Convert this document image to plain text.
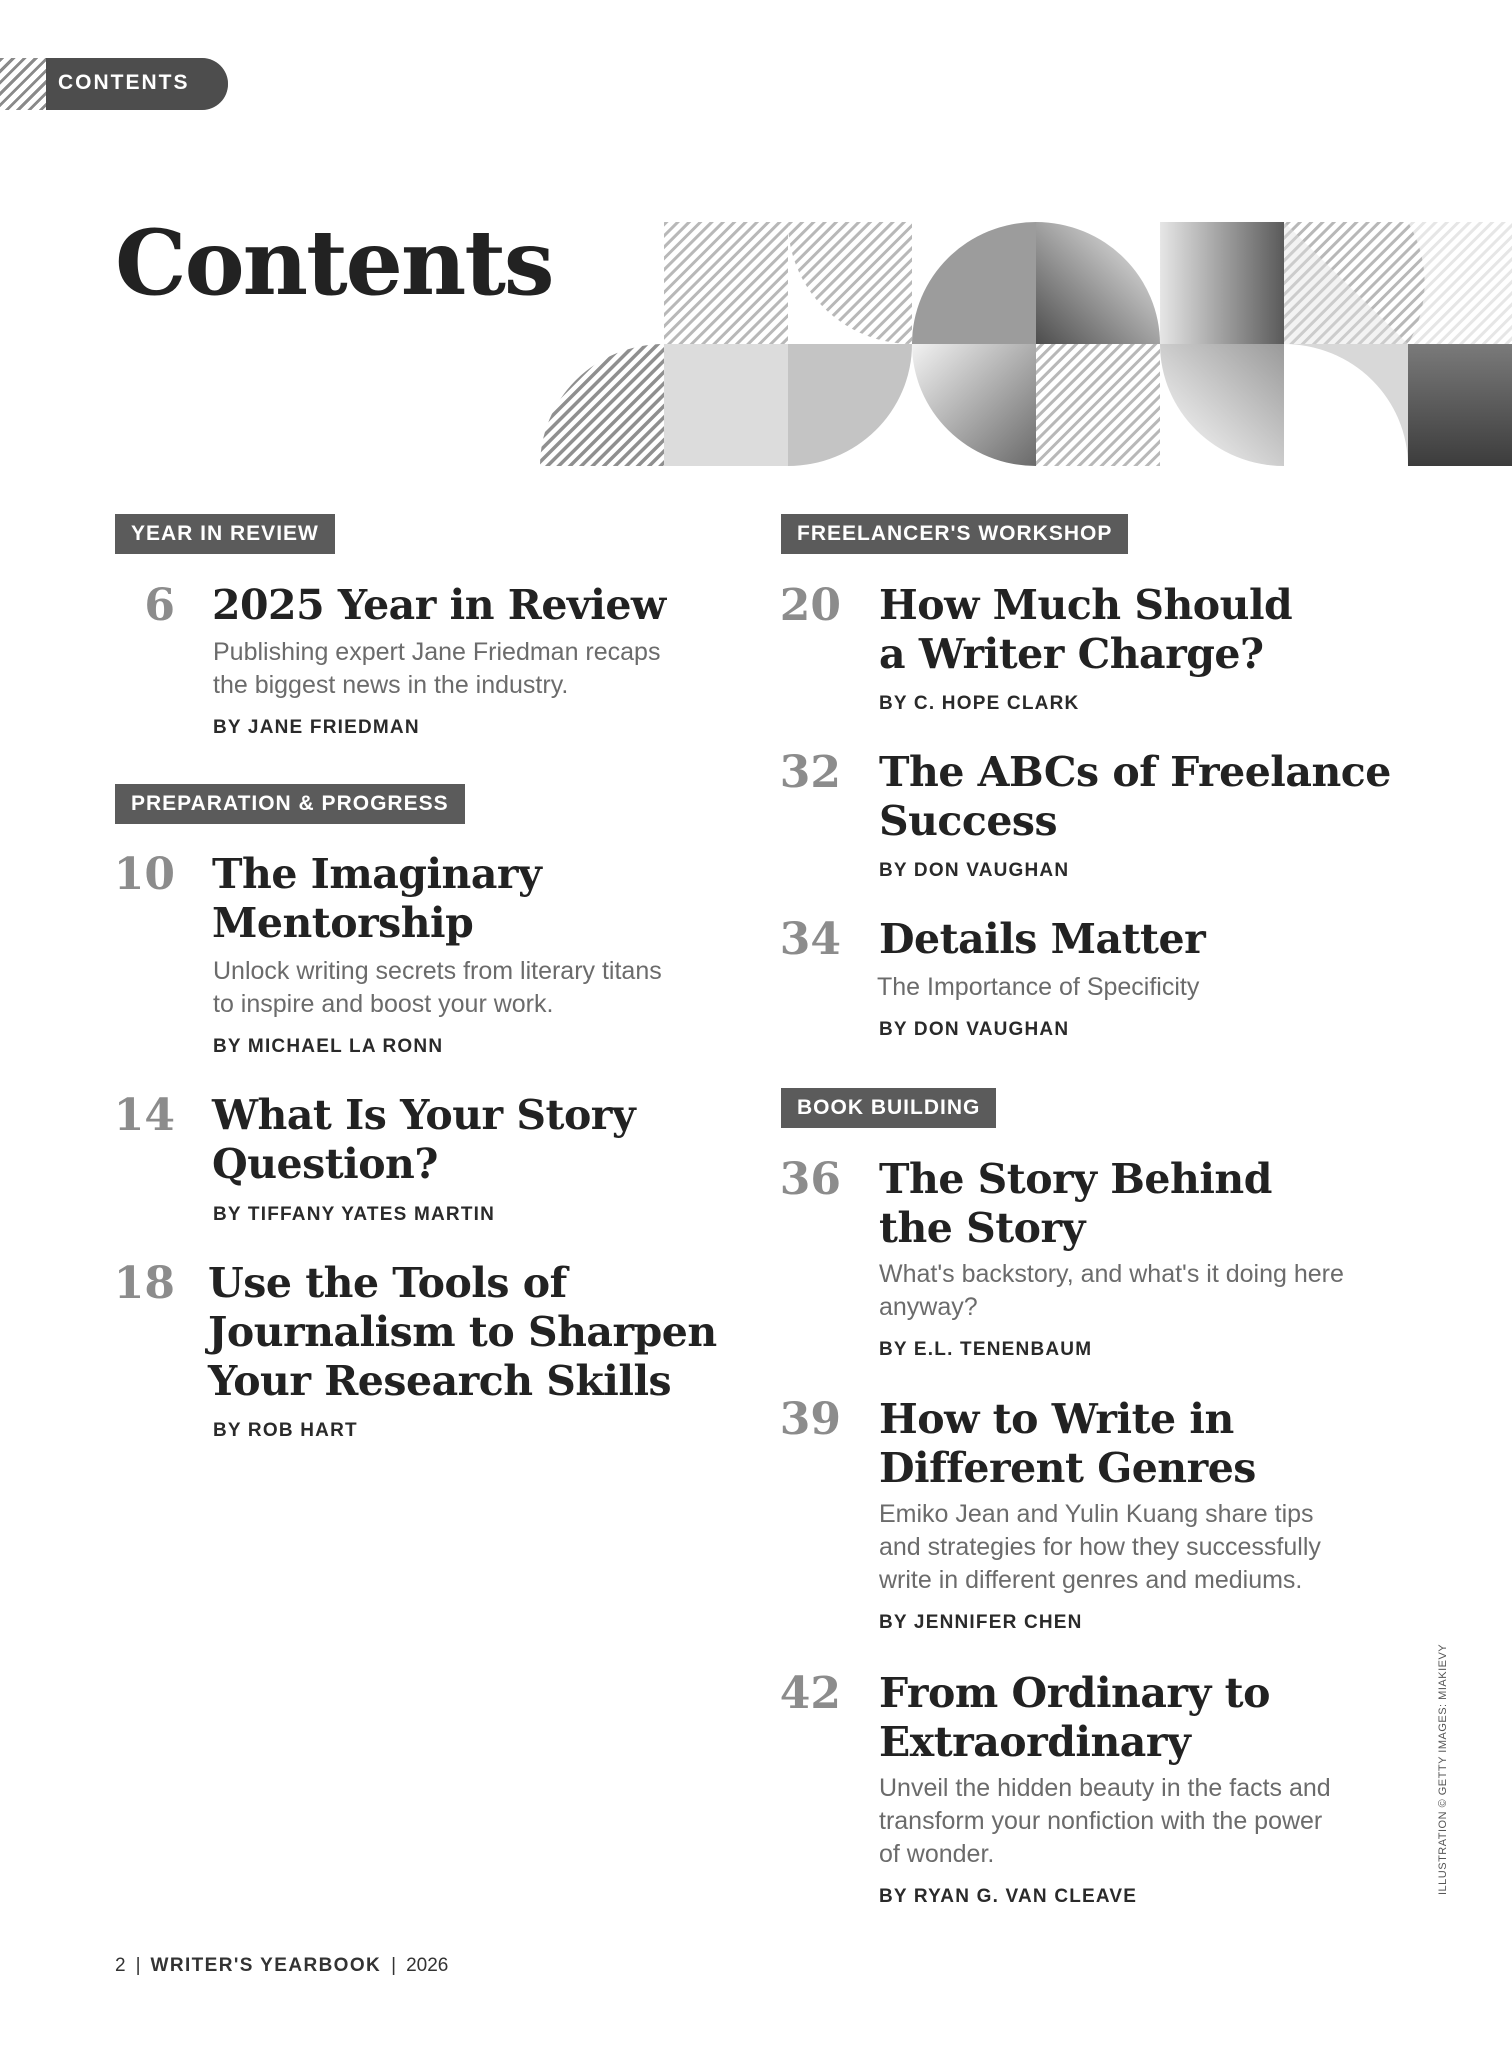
CONTENTS
Contents
YEAR IN REVIEW
PREPARATION & PROGRESS
FREELANCER'S WORKSHOP
BOOK BUILDING
6 2025 Year in Review
Publishing expert Jane Friedman recaps
the biggest news in the industry.
BY JANE FRIEDMAN
10 The Imaginary
Mentorship
Unlock writing secrets from literary titans
to inspire and boost your work.
BY MICHAEL LA RONN
14 What Is Your Story
Question?
BY TIFFANY YATES MARTIN
18 Use the Tools of
Journalism to Sharpen
Your Research Skills
BY ROB HART
20 How Much Should
a Writer Charge?
BY C. HOPE CLARK
32 The ABCs of Freelance
Success
BY DON VAUGHAN
34 Details Matter
The Importance of Specificity
BY DON VAUGHAN
36 The Story Behind
the Story
What's backstory, and what's it doing here
anyway?
BY E.L. TENENBAUM
39 How to Write in
Different Genres
Emiko Jean and Yulin Kuang share tips
and strategies for how they successfully
write in different genres and mediums.
BY JENNIFER CHEN
42 From Ordinary to
Extraordinary
Unveil the hidden beauty in the facts and
transform your nonfiction with the power
of wonder.
BY RYAN G. VAN CLEAVE
ILLUSTRATION © GETTY IMAGES: MIAKIEVY
2 | WRITER'S YEARBOOK | 2026
